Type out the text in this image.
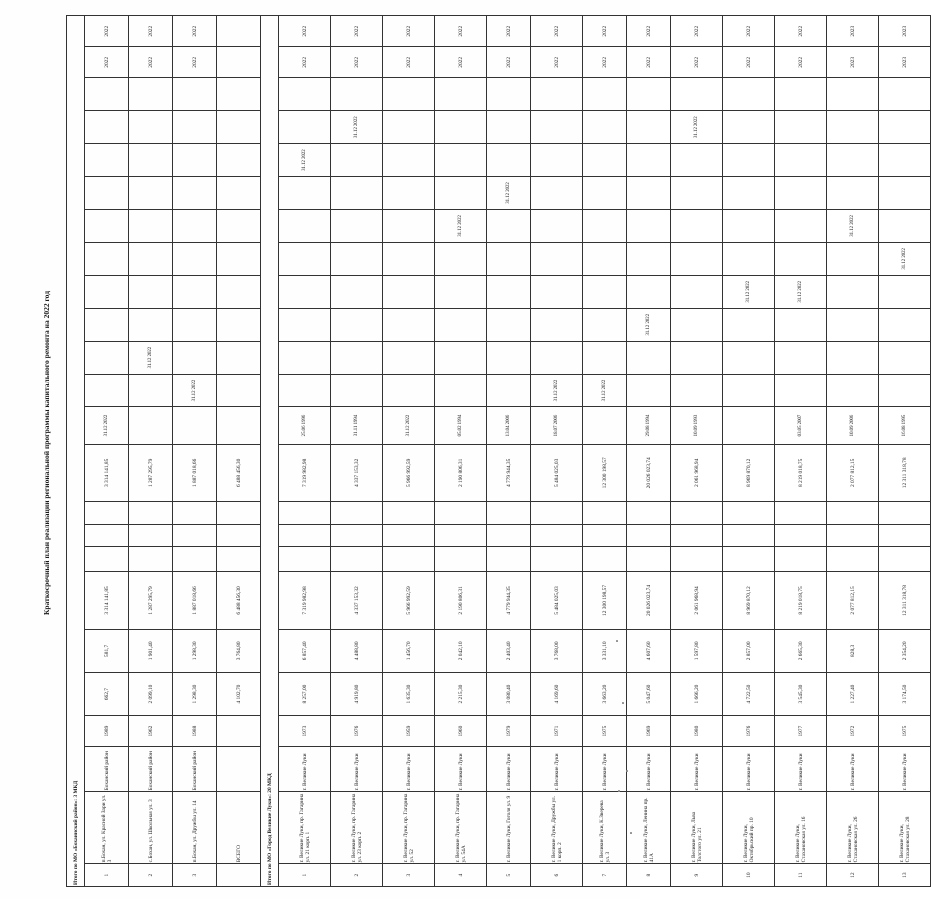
Краткосрочный план реализации региональной программы капитального ремонта на 2022 год
Итого по МО «Бохаинский район»: 3 МКД																							
1	п.Бохан, ул. Красной Зари ул. 3	Боханский район	1989	662,7	581,7	3 314 141,85				3 314 141,85	31.12 2022											2022	2022
2	с.Бохан, ул. Школьная ул. 3	Боханский район	1962	2 099,10	1 901,40	1 287 295,79				1 287 295,79			31.12 2022									2022	2022
3	п.Бохан, ул. Дружбы ул. 14	Боханский район	1988	1 298,30	1 298,30	1 887 018,66				1 887 018,66		31.12 2022										2022	2022
	ВСЕГО			4 102,70	3 764,80	6 488 456,30				6 488 456,30													
Итого по МО «Город Великие Луки»: 20 МКД																							
1	г. Великие Луки, пр. Гагарина ул. 21 корп. 1	г. Великие Луки	1973	8 257,00	6 857,40	7 319 982,98				7 319 982,98	25.06 1996								31.12 2022			2022	2022
2	г. Великие Луки, пр. Гагарина ул. 23 корп. 2	г. Великие Луки	1976	4 919,80	4 488,80	4 337 153,32				4 337 153,32	31.11 1994									31.12 2022		2022	2022
3	г. Великие Луки, пр. Гагарина ул. 52	г. Великие Луки	1959	1 635,30	1 456,70	5 966 992,59				5 966 992,59	31.12 2022											2022	2022
4	г. Великие Луки, пр. Гагарина ул. 54А	г. Великие Луки	1960	2 215,30	2 042,10	2 190 806,31				2 190 806,31	05.02 1994						31.12 2022					2022	2022
5	г. Великие Луки, Гоголя ул. 9	г. Великие Луки	1979	3 080,40	2 403,40	4 779 944,35				4 779 944,35	13.04 2006							31.12 2022				2022	2022
6	г. Великие Луки, Дружбы ул. 1 корп. 2	г. Великие Луки	1971	4 169,60	3 768,00	5 484 025,03				5 484 025,03	18.07 2006	31.12 2022										2022	2022
7	г. Великие Луки, К.Зверева ул. 3	г. Великие Луки	1975	3 663,20	3 331,10	12 300 198,57				12 300 198,57		31.12 2022										2022	2022
8	г. Великие Луки, Ленина пр. 41А	г. Великие Луки	1969	5 047,60	4 607,60	20 026 023,74				20 026 023,74	29.08 1994			31.12 2022								2022	2022
9	г. Великие Луки, Льва Толстого ул. 21	г. Великие Луки	1980	1 666,20	1 597,80	2 061 968,94				2 061 968,94	10.09 1993									31.12 2022		2022	2022
10	г. Великие Луки, Октябрьский пр. 10	г. Великие Луки	1976	4 722,50	2 857,00	8 969 870,12				8 969 870,12					31.12 2022							2022	2022
11	г. Великие Луки, Стахановская ул. 16	г. Великие Луки	1977	3 545,30	2 665,30	8 219 018,75				8 219 018,75	03.05 2007				31.12 2022							2022	2022
12	г. Великие Луки, Стахановская ул. 26	г. Великие Луки	1972	1 227,40	828,3	2 077 812,15				2 077 812,15	10.09 2006						31.12 2022					2023	2023
13	г. Великие Луки, Стахановская ул. 28	г. Великие Луки	1975	3 174,50	2 354,20	12 311 318,78				12 311 318,78	16.08 1995					31.12 2022						2023	2023
